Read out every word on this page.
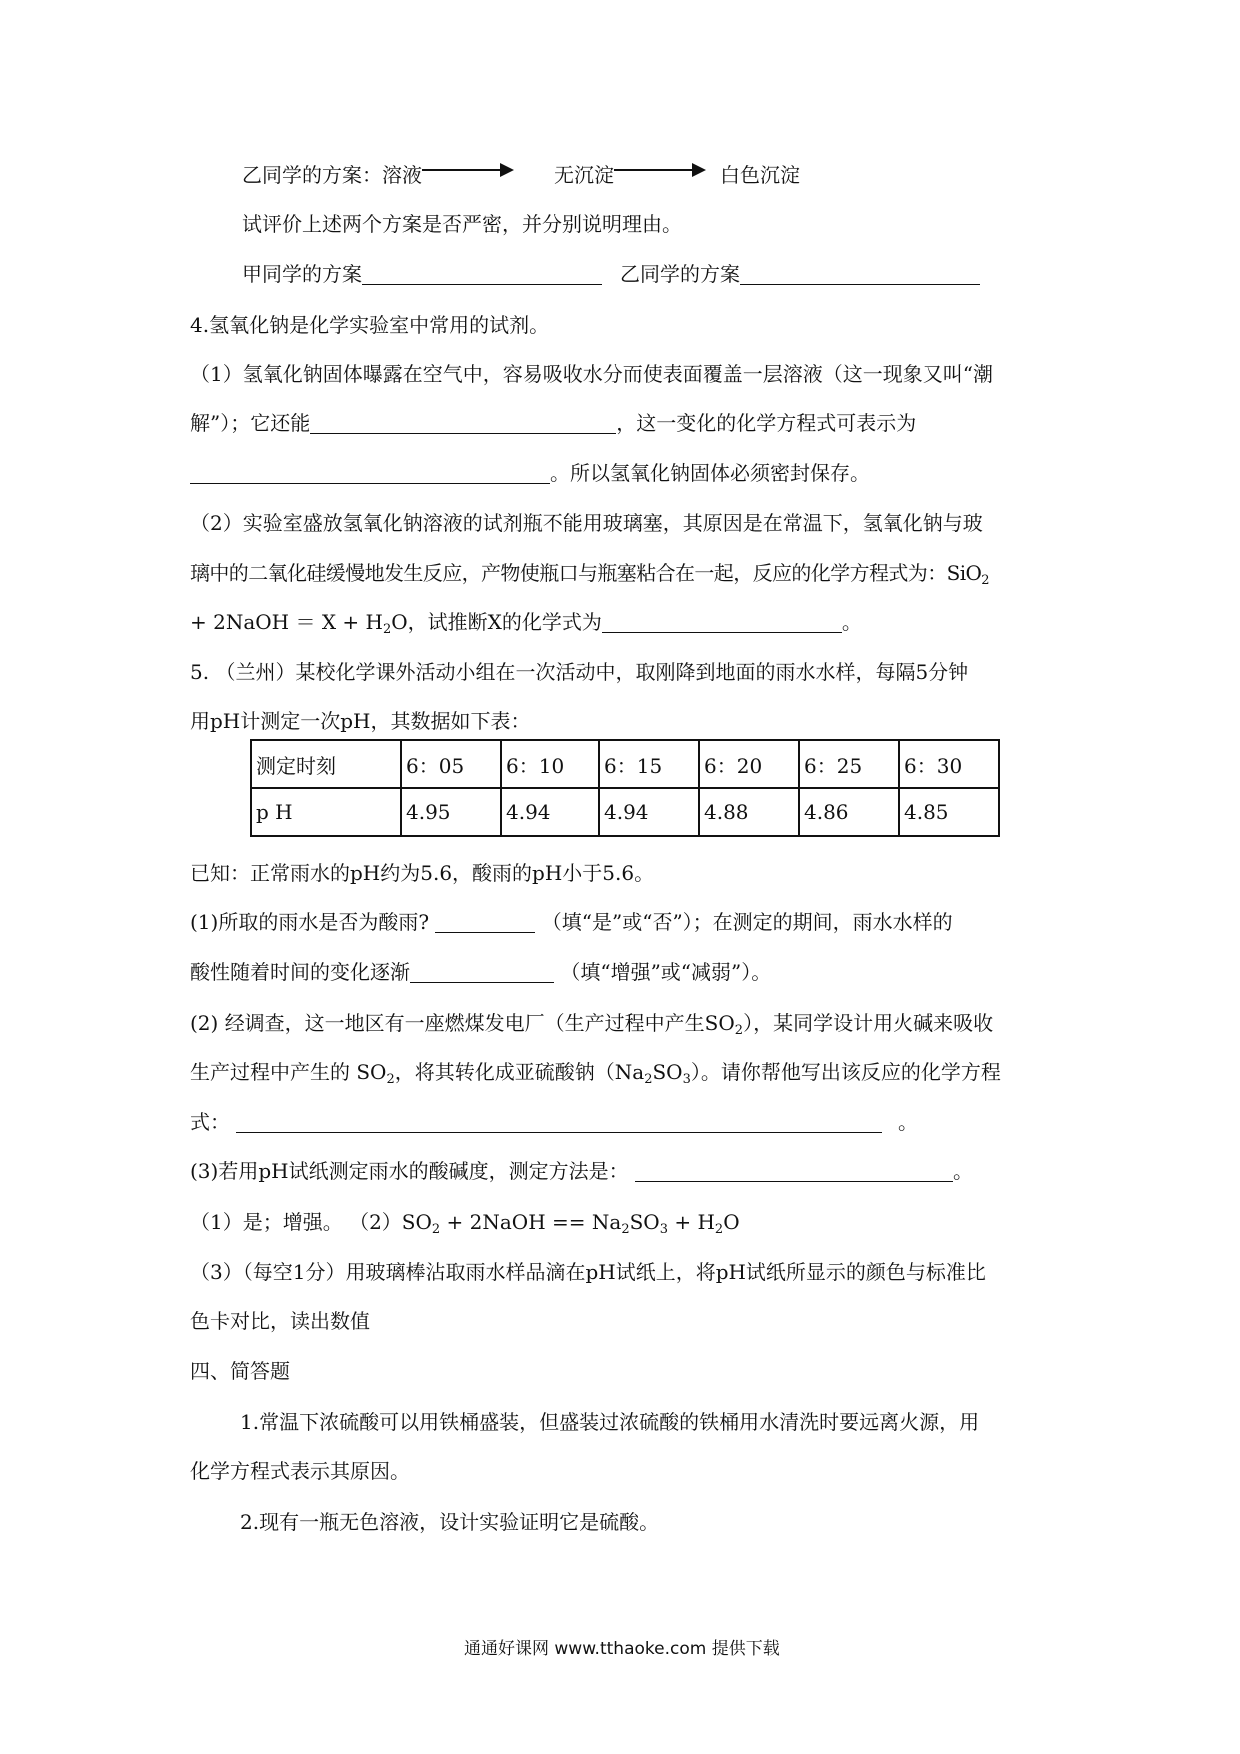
乙同学的方案：溶液	无沉淀	白色沉淀
试评价上述两个方案是否严密，并分别说明理由。
甲同学的方案	乙同学的方案
4.氢氧化钠是化学实验室中常用的试剂。
（1）氢氧化钠固体曝露在空气中，容易吸收水分而使表面覆盖一层溶液（这一现象又叫“潮
解”）；它还能	，这一变化的化学方程式可表示为
。所以氢氧化钠固体必须密封保存。
（2）实验室盛放氢氧化钠溶液的试剂瓶不能用玻璃塞，其原因是在常温下，氢氧化钠与玻
璃中的二氧化硅缓慢地发生反应，产物使瓶口与瓶塞粘合在一起，反应的化学方程式为：SiO$_2$
+ 2NaOH ＝ $X + H_2O$，试推断X的化学式为	。
5. （兰州）某校化学课外活动小组在一次活动中，取刚降到地面的雨水水样，每隔5分钟
用pH计测定一次pH，其数据如下表：
测定时刻	6：05	6：10	6：15	6：20	6：25	6：30
p H	4.95	4.94	4.94	4.88	4.86	4.85
已知：正常雨水的pH约为5.6，酸雨的pH小于5.6。
(1)所取的雨水是否为酸雨?	（填“是”或“否”）；在测定的期间，雨水水样的
酸性随着时间的变化逐渐	（填“增强”或“减弱”）。
(2) 经调查，这一地区有一座燃煤发电厂（生产过程中产生$SO_2$），某同学设计用火碱来吸收
生产过程中产生的 $SO_2$，将其转化成亚硫酸钠$(Na_2SO_3)$。请你帮他写出该反应的化学方程
式：	。
(3)若用pH试纸测定雨水的酸碱度，测定方法是：	。
（1）是；增强。 $(2)SO_2$ + 2NaOH == $Na_2SO_3 + H_2O$
（3）（每空1分）用玻璃棒沾取雨水样品滴在pH试纸上，将pH试纸所显示的颜色与标准比
色卡对比，读出数值
四、简答题
1.常温下浓硫酸可以用铁桶盛装，但盛装过浓硫酸的铁桶用水清洗时要远离火源，用
化学方程式表示其原因。
2.现有一瓶无色溶液，设计实验证明它是硫酸。
通通好课网 www.tthaoke.com 提供下载
